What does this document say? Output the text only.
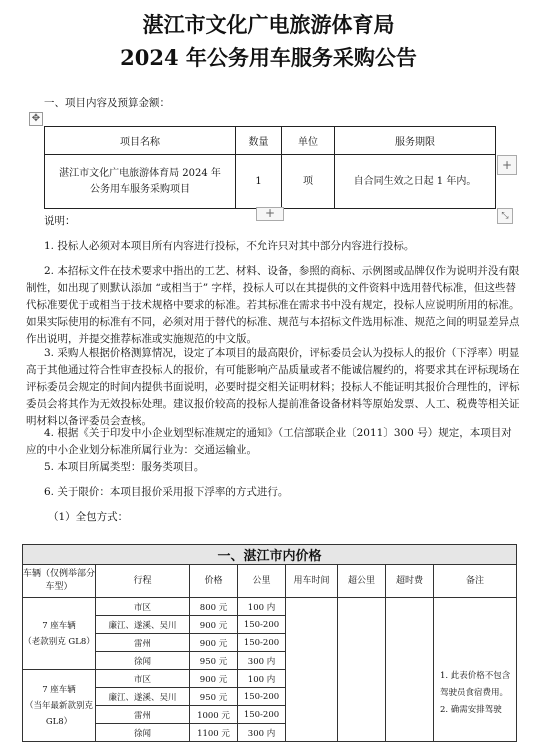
湛江市文化广电旅游体育局
2024 年公务用车服务采购公告
一、项目内容及预算金额：
✥
项目名称	数量	单位	服务期限

湛江市文化广电旅游体育局 2024 年
公务用车服务采购项目	1	项	自合同生效之日起 1 年内。
+
+	⤡
说明：

1. 投标人必须对本项目所有内容进行投标，不允许只对其中部分内容进行投标。

2. 本招标文件在技术要求中指出的工艺、材料、设备，参照的商标、示例图或品牌仅作为说明并没有限制性，如出现了则默认添加 “或相当于” 字样，投标人可以在其提供的文件资料中选用替代标准，但这些替代标准要优于或相当于技术规格中要求的标准。若其标准在需求书中没有规定，投标人应说明所用的标准。如果实际使用的标准有不同，必须对用于替代的标准、规范与本招标文件选用标准、规范之间的明显差异点作出说明，并提交推荐标准或实施规范的中文版。

3. 采购人根据价格测算情况，设定了本项目的最高限价，评标委员会认为投标人的报价（下浮率）明显高于其他通过符合性审查投标人的报价，有可能影响产品质量或者不能诚信履约的，将要求其在评标现场在评标委员会规定的时间内提供书面说明，必要时提交相关证明材料；投标人不能证明其报价合理性的，评标委员会将其作为无效投标处理。建议报价较高的投标人提前准备设备材料等原始发票、人工、税费等相关证明材料以备评委员会查核。

4. 根据《关于印发中小企业划型标准规定的通知》（工信部联企业〔2011〕300 号）规定，本项目对应的中小企业划分标准所属行业为：交通运输业。

5. 本项目所属类型：服务类项目。

6. 关于限价：本项目报价采用报下浮率的方式进行。

（1）全包方式：

一、湛江市内价格							
车辆（仅例举部分车型）	行程	价格	公里	用车时间	超公里	超时费	备注
7 座车辆
（老款别克 GL8）	市区	800 元	100 内				1. 此表价格不包含驾驶员食宿费用。
2. 确需安排驾驶
	廉江、遂溪、吴川	900 元	150-200				
	雷州	900 元	150-200				
	徐闻	950 元	300 内				
7 座车辆
（当年最新款别克 GL8）	市区	900 元	100 内				
	廉江、遂溪、吴川	950 元	150-200				
	雷州	1000 元	150-200				
	徐闻	1100 元	300 内				
